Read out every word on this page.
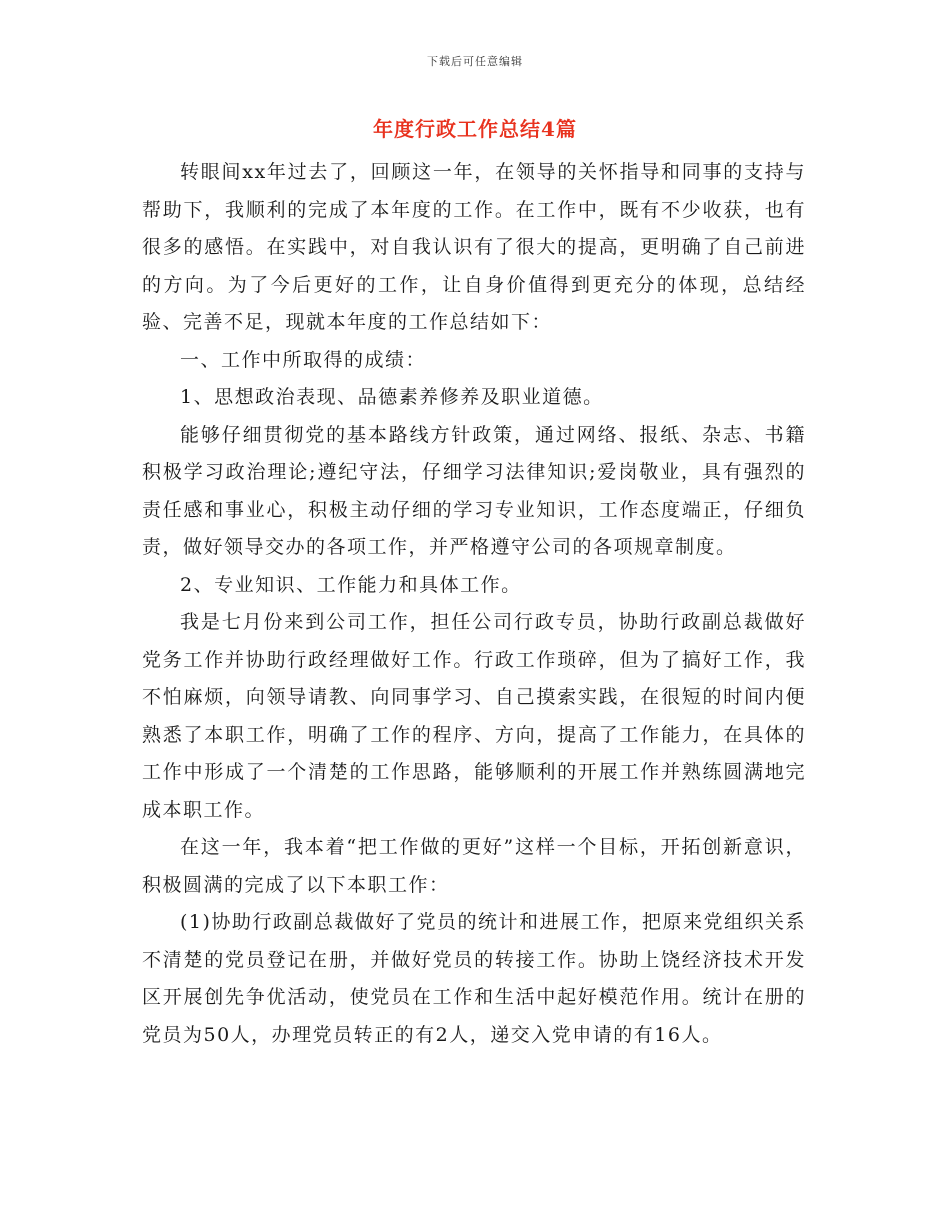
下载后可任意编辑
年度行政工作总结4篇

转眼间xx年过去了，回顾这一年，在领导的关怀指导和同事的支持与帮助下，我顺利的完成了本年度的工作。在工作中，既有不少收获，也有很多的感悟。在实践中，对自我认识有了很大的提高，更明确了自己前进的方向。为了今后更好的工作，让自身价值得到更充分的体现，总结经验、完善不足，现就本年度的工作总结如下：

一、工作中所取得的成绩：

1、思想政治表现、品德素养修养及职业道德。

能够仔细贯彻党的基本路线方针政策，通过网络、报纸、杂志、书籍积极学习政治理论;遵纪守法，仔细学习法律知识;爱岗敬业，具有强烈的责任感和事业心，积极主动仔细的学习专业知识，工作态度端正，仔细负责，做好领导交办的各项工作，并严格遵守公司的各项规章制度。

2、专业知识、工作能力和具体工作。

我是七月份来到公司工作，担任公司行政专员，协助行政副总裁做好党务工作并协助行政经理做好工作。行政工作琐碎，但为了搞好工作，我不怕麻烦，向领导请教、向同事学习、自己摸索实践，在很短的时间内便熟悉了本职工作，明确了工作的程序、方向，提高了工作能力，在具体的工作中形成了一个清楚的工作思路，能够顺利的开展工作并熟练圆满地完成本职工作。

在这一年，我本着“把工作做的更好”这样一个目标，开拓创新意识，积极圆满的完成了以下本职工作：

(1)协助行政副总裁做好了党员的统计和进展工作，把原来党组织关系不清楚的党员登记在册，并做好党员的转接工作。协助上饶经济技术开发区开展创先争优活动，使党员在工作和生活中起好模范作用。统计在册的党员为50人，办理党员转正的有2人，递交入党申请的有16人。
